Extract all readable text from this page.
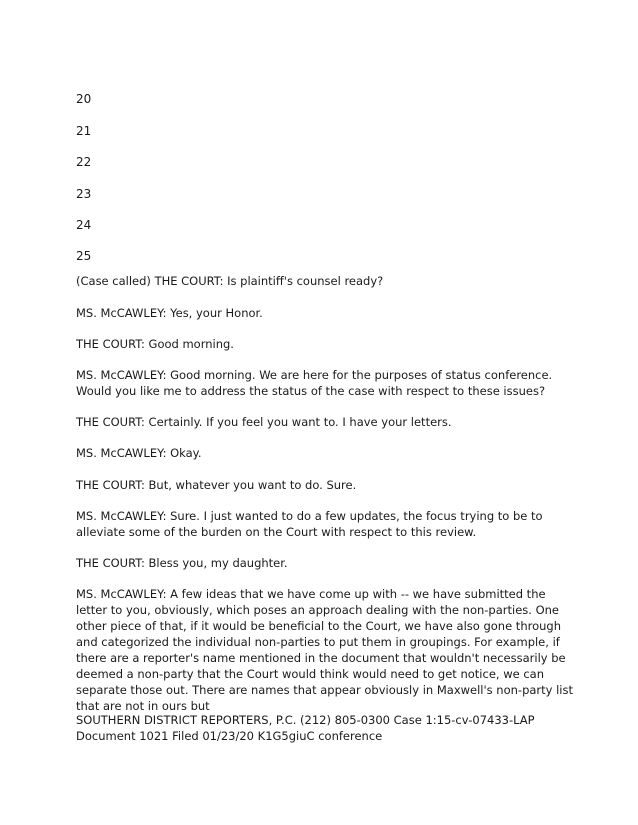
20
21
22
23
24
25

(Case called) THE COURT: Is plaintiff's counsel ready?

MS. McCAWLEY: Yes, your Honor.

THE COURT: Good morning.

MS. McCAWLEY: Good morning. We are here for the purposes of status conference. Would you like me to address the status of the case with respect to these issues?

THE COURT: Certainly. If you feel you want to. I have your letters.

MS. McCAWLEY: Okay.

THE COURT: But, whatever you want to do. Sure.

MS. McCAWLEY: Sure. I just wanted to do a few updates, the focus trying to be to alleviate some of the burden on the Court with respect to this review.

THE COURT: Bless you, my daughter.

MS. McCAWLEY: A few ideas that we have come up with -- we have submitted the letter to you, obviously, which poses an approach dealing with the non-parties. One other piece of that, if it would be beneficial to the Court, we have also gone through and categorized the individual non-parties to put them in groupings. For example, if there are a reporter's name mentioned in the document that wouldn't necessarily be deemed a non-party that the Court would think would need to get notice, we can separate those out. There are names that appear obviously in Maxwell's non-party list that are not in ours but

SOUTHERN DISTRICT REPORTERS, P.C. (212) 805-0300 Case 1:15-cv-07433-LAP Document 1021 Filed 01/23/20 K1G5giuC conference
